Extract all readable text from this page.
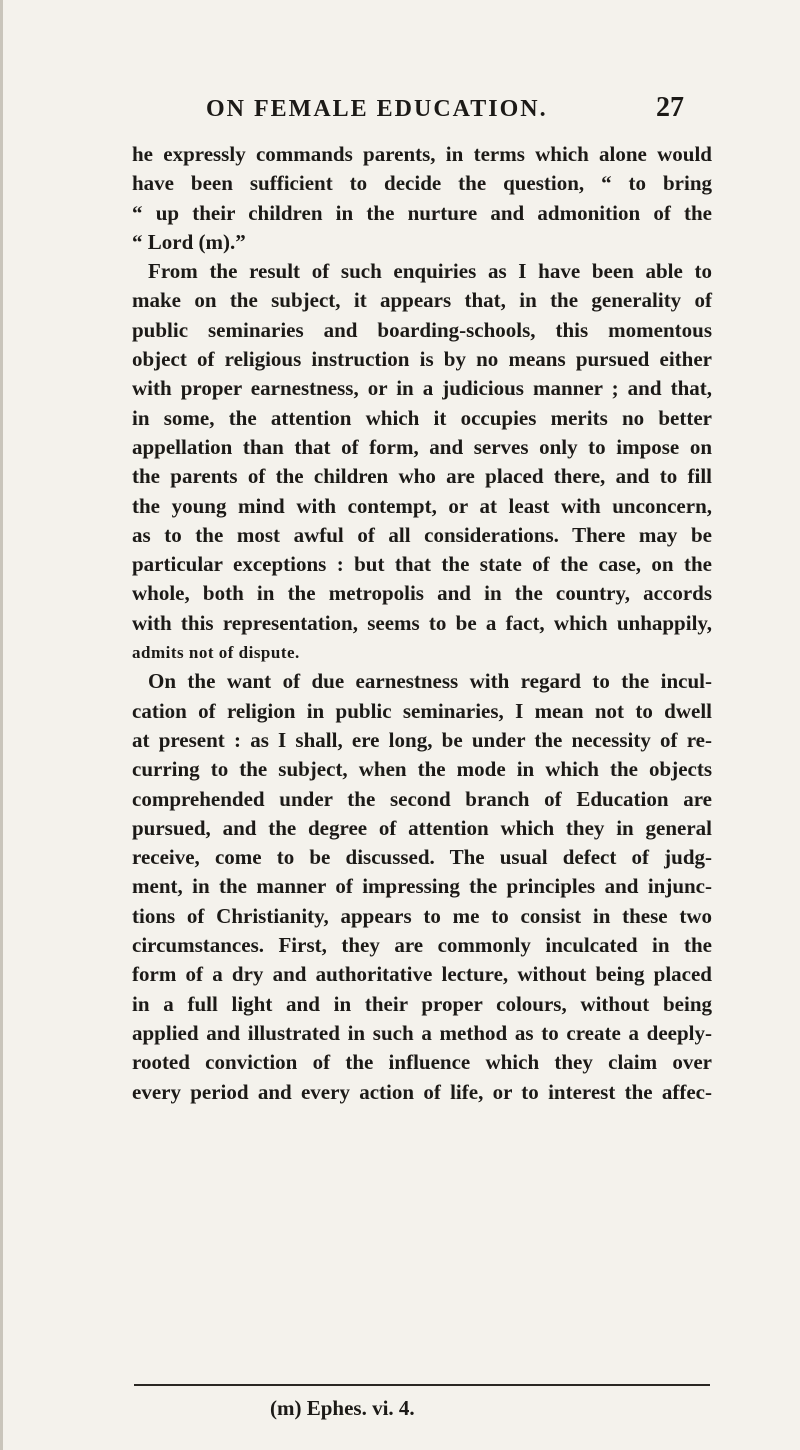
ON FEMALE EDUCATION.	27
he expressly commands parents, in terms which alone would
have been sufficient to decide the question, “ to bring
“ up their children in the nurture and admonition of the
“ Lord (m).”
From the result of such enquiries as I have been able to
make on the subject, it appears that, in the generality of
public seminaries and boarding-schools, this momentous
object of religious instruction is by no means pursued either
with proper earnestness, or in a judicious manner ; and that,
in some, the attention which it occupies merits no better
appellation than that of form, and serves only to impose on
the parents of the children who are placed there, and to fill
the young mind with contempt, or at least with unconcern,
as to the most awful of all considerations. There may be
particular exceptions : but that the state of the case, on the
whole, both in the metropolis and in the country, accords
with this representation, seems to be a fact, which unhappily,
admits not of dispute.
On the want of due earnestness with regard to the incul-
cation of religion in public seminaries, I mean not to dwell
at present : as I shall, ere long, be under the necessity of re-
curring to the subject, when the mode in which the objects
comprehended under the second branch of Education are
pursued, and the degree of attention which they in general
receive, come to be discussed. The usual defect of judg-
ment, in the manner of impressing the principles and injunc-
tions of Christianity, appears to me to consist in these two
circumstances. First, they are commonly inculcated in the
form of a dry and authoritative lecture, without being placed
in a full light and in their proper colours, without being
applied and illustrated in such a method as to create a deeply-
rooted conviction of the influence which they claim over
every period and every action of life, or to interest the affec-
(m) Ephes. vi. 4.
